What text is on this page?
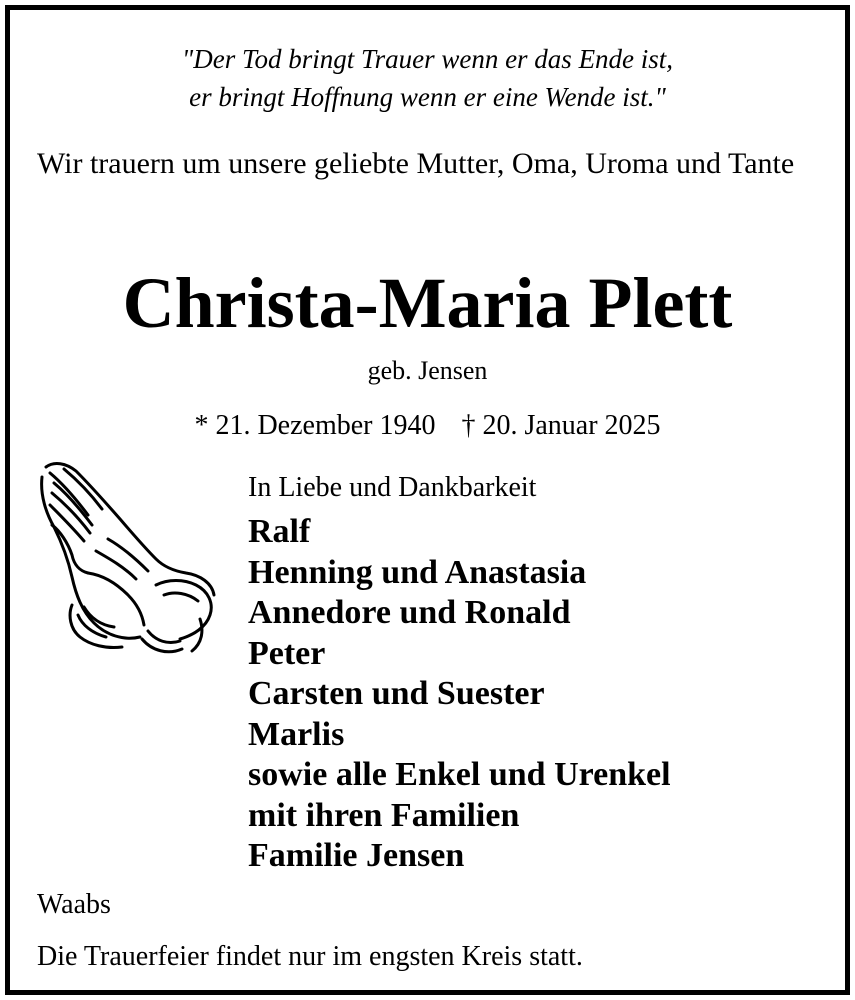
"Der Tod bringt Trauer wenn er das Ende ist,
er bringt Hoffnung wenn er eine Wende ist."
Wir trauern um unsere geliebte Mutter, Oma, Uroma und Tante
Christa-Maria Plett
geb. Jensen
* 21. Dezember 1940 † 20. Januar 2025
In Liebe und Dankbarkeit
Ralf
Henning und Anastasia
Annedore und Ronald
Peter
Carsten und Suester
Marlis
sowie alle Enkel und Urenkel
mit ihren Familien
Familie Jensen
Waabs
Die Trauerfeier findet nur im engsten Kreis statt.
